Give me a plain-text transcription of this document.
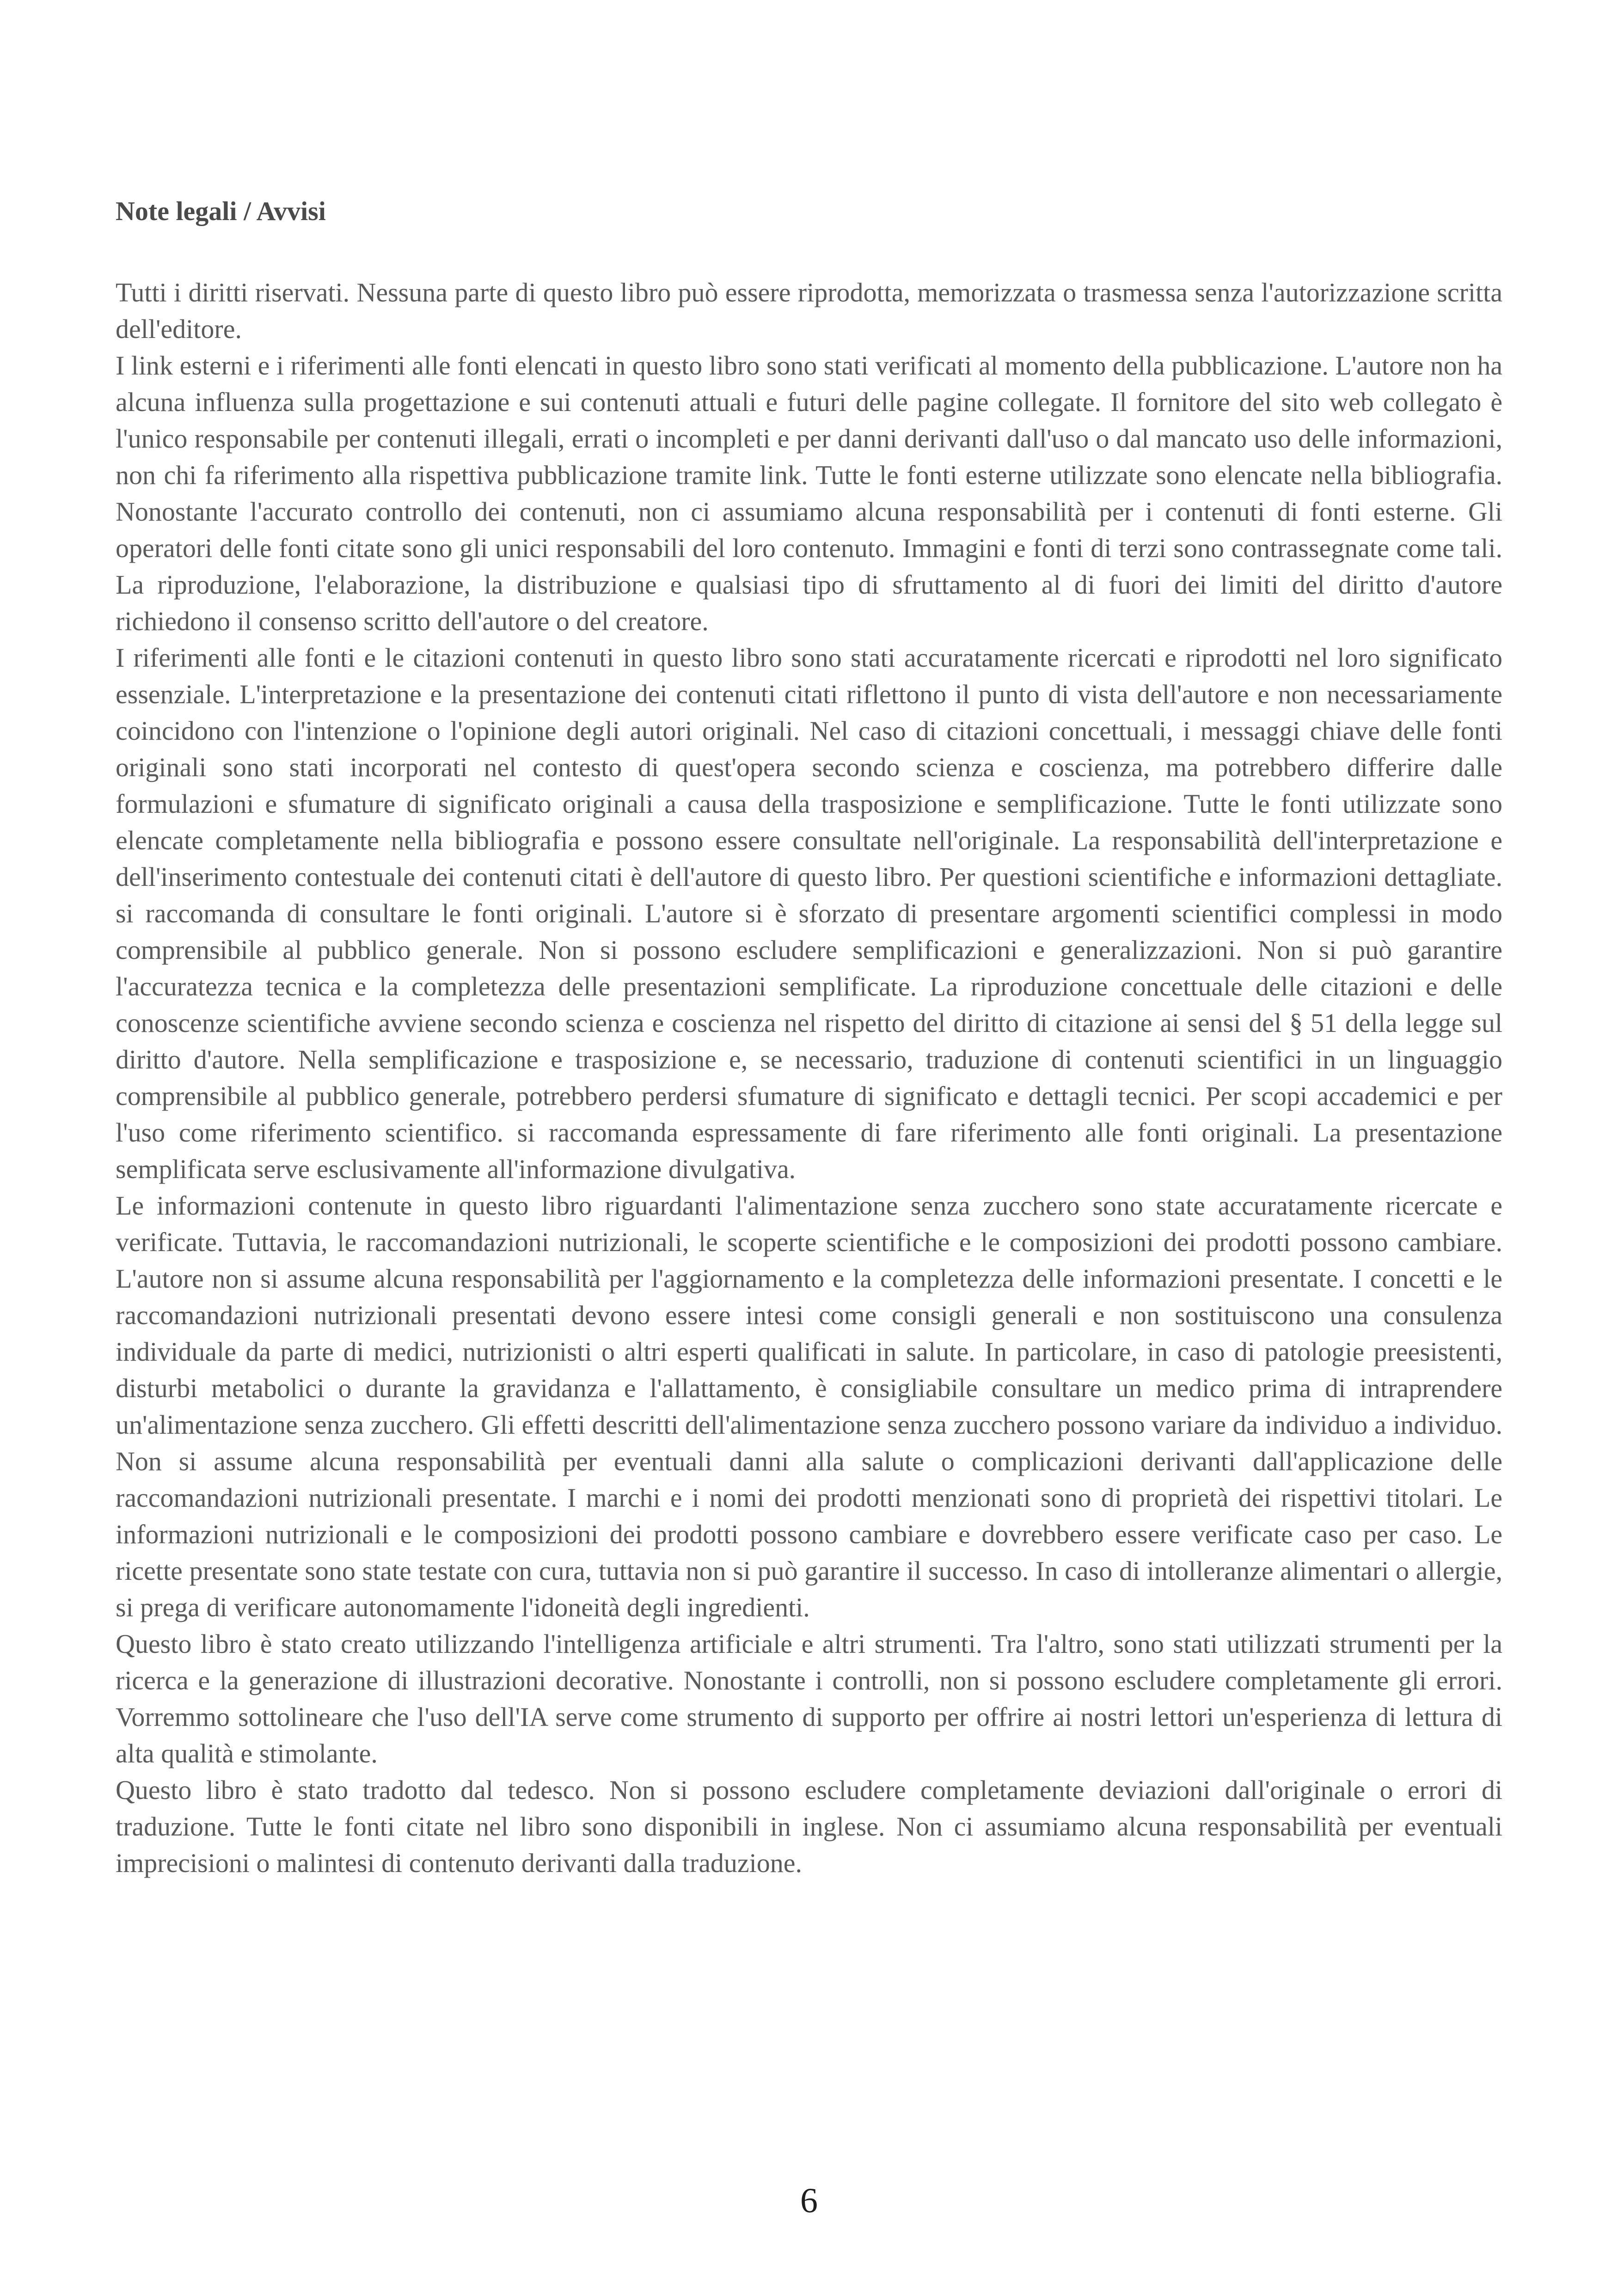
Note legali / Avvisi

Tutti i diritti riservati. Nessuna parte di questo libro può essere riprodotta, memorizzata o trasmessa senza l'autorizzazione scritta dell'editore.

I link esterni e i riferimenti alle fonti elencati in questo libro sono stati verificati al momento della pubblicazione. L'autore non ha alcuna influenza sulla progettazione e sui contenuti attuali e futuri delle pagine collegate. Il fornitore del sito web collegato è l'unico responsabile per contenuti illegali, errati o incompleti e per danni derivanti dall'uso o dal mancato uso delle informazioni, non chi fa riferimento alla rispettiva pubblicazione tramite link. Tutte le fonti esterne utilizzate sono elencate nella bibliografia. Nonostante l'accurato controllo dei contenuti, non ci assumiamo alcuna responsabilità per i contenuti di fonti esterne. Gli operatori delle fonti citate sono gli unici responsabili del loro contenuto. Immagini e fonti di terzi sono contrassegnate come tali. La riproduzione, l'elaborazione, la distribuzione e qualsiasi tipo di sfruttamento al di fuori dei limiti del diritto d'autore richiedono il consenso scritto dell'autore o del creatore.

I riferimenti alle fonti e le citazioni contenuti in questo libro sono stati accuratamente ricercati e riprodotti nel loro significato essenziale. L'interpretazione e la presentazione dei contenuti citati riflettono il punto di vista dell'autore e non necessariamente coincidono con l'intenzione o l'opinione degli autori originali. Nel caso di citazioni concettuali, i messaggi chiave delle fonti originali sono stati incorporati nel contesto di quest'opera secondo scienza e coscienza, ma potrebbero differire dalle formulazioni e sfumature di significato originali a causa della trasposizione e semplificazione. Tutte le fonti utilizzate sono elencate completamente nella bibliografia e possono essere consultate nell'originale. La responsabilità dell'interpretazione e dell'inserimento contestuale dei contenuti citati è dell'autore di questo libro. Per questioni scientifiche e informazioni dettagliate. si raccomanda di consultare le fonti originali. L'autore si è sforzato di presentare argomenti scientifici complessi in modo comprensibile al pubblico generale. Non si possono escludere semplificazioni e generalizzazioni. Non si può garantire l'accuratezza tecnica e la completezza delle presentazioni semplificate. La riproduzione concettuale delle citazioni e delle conoscenze scientifiche avviene secondo scienza e coscienza nel rispetto del diritto di citazione ai sensi del § 51 della legge sul diritto d'autore. Nella semplificazione e trasposizione e, se necessario, traduzione di contenuti scientifici in un linguaggio comprensibile al pubblico generale, potrebbero perdersi sfumature di significato e dettagli tecnici. Per scopi accademici e per l'uso come riferimento scientifico. si raccomanda espressamente di fare riferimento alle fonti originali. La presentazione semplificata serve esclusivamente all'informazione divulgativa.

Le informazioni contenute in questo libro riguardanti l'alimentazione senza zucchero sono state accuratamente ricercate e verificate. Tuttavia, le raccomandazioni nutrizionali, le scoperte scientifiche e le composizioni dei prodotti possono cambiare. L'autore non si assume alcuna responsabilità per l'aggiornamento e la completezza delle informazioni presentate. I concetti e le raccomandazioni nutrizionali presentati devono essere intesi come consigli generali e non sostituiscono una consulenza individuale da parte di medici, nutrizionisti o altri esperti qualificati in salute. In particolare, in caso di patologie preesistenti, disturbi metabolici o durante la gravidanza e l'allattamento, è consigliabile consultare un medico prima di intraprendere un'alimentazione senza zucchero. Gli effetti descritti dell'alimentazione senza zucchero possono variare da individuo a individuo. Non si assume alcuna responsabilità per eventuali danni alla salute o complicazioni derivanti dall'applicazione delle raccomandazioni nutrizionali presentate. I marchi e i nomi dei prodotti menzionati sono di proprietà dei rispettivi titolari. Le informazioni nutrizionali e le composizioni dei prodotti possono cambiare e dovrebbero essere verificate caso per caso. Le ricette presentate sono state testate con cura, tuttavia non si può garantire il successo. In caso di intolleranze alimentari o allergie, si prega di verificare autonomamente l'idoneità degli ingredienti.

Questo libro è stato creato utilizzando l'intelligenza artificiale e altri strumenti. Tra l'altro, sono stati utilizzati strumenti per la ricerca e la generazione di illustrazioni decorative. Nonostante i controlli, non si possono escludere completamente gli errori. Vorremmo sottolineare che l'uso dell'IA serve come strumento di supporto per offrire ai nostri lettori un'esperienza di lettura di alta qualità e stimolante.

Questo libro è stato tradotto dal tedesco. Non si possono escludere completamente deviazioni dall'originale o errori di traduzione. Tutte le fonti citate nel libro sono disponibili in inglese. Non ci assumiamo alcuna responsabilità per eventuali imprecisioni o malintesi di contenuto derivanti dalla traduzione.

6
